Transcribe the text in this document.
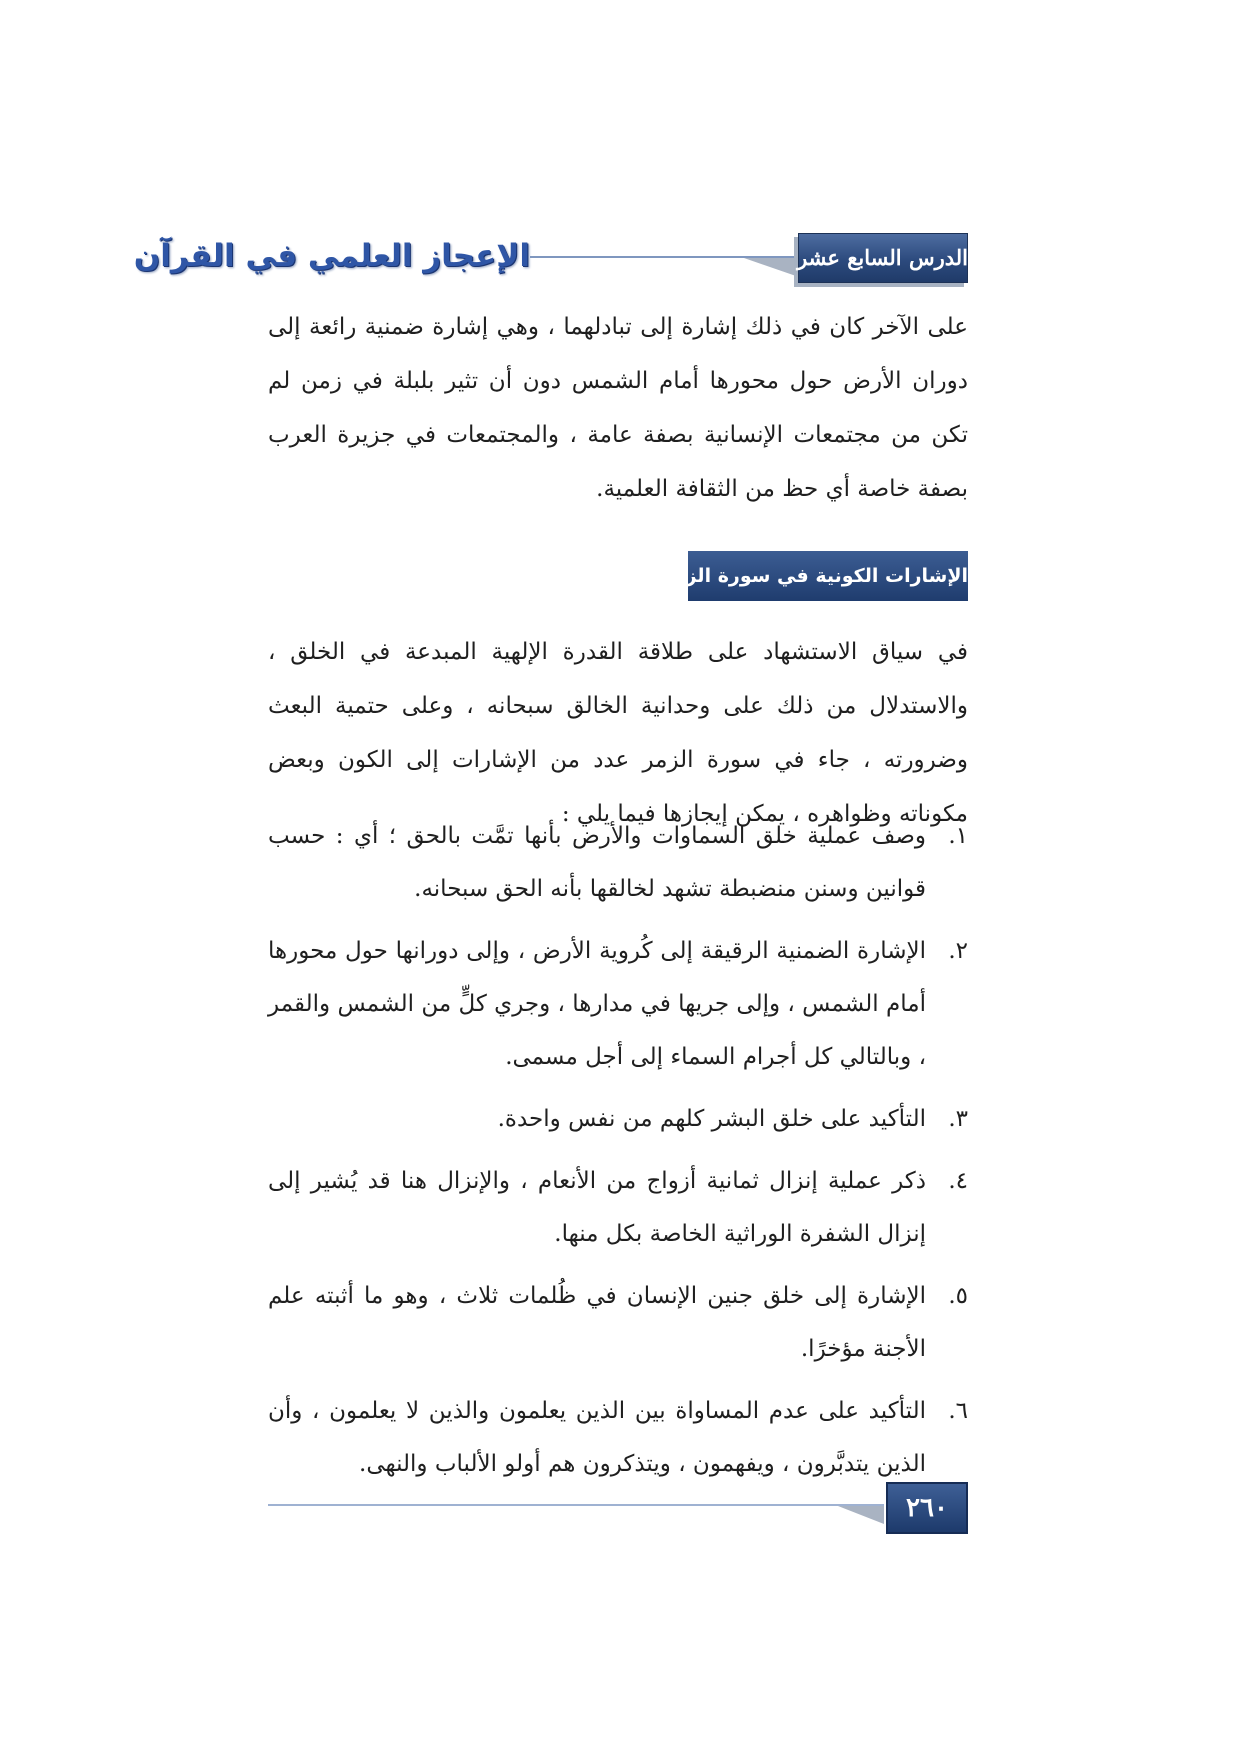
الإعجاز العلمي في القرآن	الدرس السابع عشر

على الآخر كان في ذلك إشارة إلى تبادلهما ، وهي إشارة ضمنية رائعة إلى دوران الأرض حول محورها أمام الشمس دون أن تثير بلبلة في زمن لم تكن من مجتمعات الإنسانية بصفة عامة ، والمجتمعات في جزيرة العرب بصفة خاصة أي حظ من الثقافة العلمية.

الإشارات الكونية في سورة الزمر

في سياق الاستشهاد على طلاقة القدرة الإلهية المبدعة في الخلق ، والاستدلال من ذلك على وحدانية الخالق سبحانه ، وعلى حتمية البعث وضرورته ، جاء في سورة الزمر عدد من الإشارات إلى الكون وبعض مكوناته وظواهره ، يمكن إيجازها فيما يلي :

١.
وصف عملية خلق السماوات والأرض بأنها تمَّت بالحق ؛ أي : حسب قوانين وسنن منضبطة تشهد لخالقها بأنه الحق سبحانه.
٢.
الإشارة الضمنية الرقيقة إلى كُروية الأرض ، وإلى دورانها حول محورها أمام الشمس ، وإلى جريها في مدارها ، وجري كلٍّ من الشمس والقمر ، وبالتالي كل أجرام السماء إلى أجل مسمى.
٣.
التأكيد على خلق البشر كلهم من نفس واحدة.
٤.
ذكر عملية إنزال ثمانية أزواج من الأنعام ، والإنزال هنا قد يُشير إلى إنزال الشفرة الوراثية الخاصة بكل منها.
٥.
الإشارة إلى خلق جنين الإنسان في ظُلمات ثلاث ، وهو ما أثبته علم الأجنة مؤخرًا.
٦.
التأكيد على عدم المساواة بين الذين يعلمون والذين لا يعلمون ، وأن الذين يتدبَّرون ، ويفهمون ، ويتذكرون هم أولو الألباب والنهى.
٢٦٠
